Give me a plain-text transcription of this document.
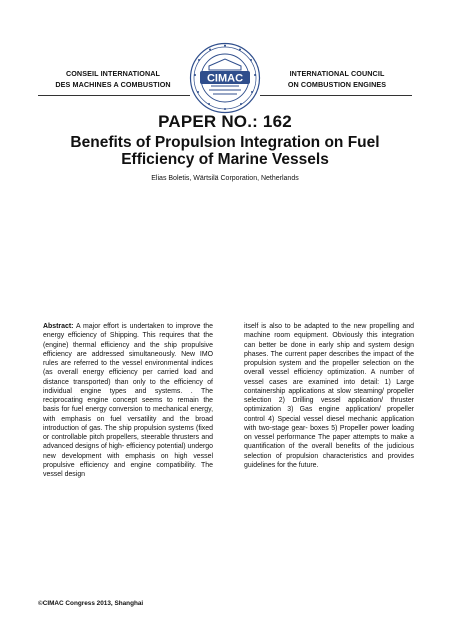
CONSEIL INTERNATIONAL
DES MACHINES A COMBUSTION	CIMAC	INTERNATIONAL COUNCIL
ON COMBUSTION ENGINES
PAPER NO.: 162
Benefits of Propulsion Integration on Fuel Efficiency of Marine Vessels
Elias Boletis, Wärtsilä Corporation, Netherlands
Abstract: A major effort is undertaken to improve the energy efficiency of Shipping. This requires that the (engine) thermal efficiency and the ship propulsive efficiency are addressed simultaneously. New IMO rules are referred to the vessel environmental indices (as overall energy efficiency per carried load and distance transported) than only to the efficiency of individual engine types and systems. . The reciprocating engine concept seems to remain the basis for fuel energy conversion to mechanical energy, with emphasis on fuel versatility and the broad introduction of gas. The ship propulsion systems (fixed or controllable pitch propellers, steerable thrusters and advanced designs of high- efficiency potential) undergo new development with emphasis on high vessel propulsive efficiency and engine compatibility. The vessel design
itself is also to be adapted to the new propelling and machine room equipment. Obviously this integration can better be done in early ship and system design phases. The current paper describes the impact of the propulsion system and the propeller selection on the overall vessel efficiency optimization. A number of vessel cases are examined into detail: 1) Large containership applications at slow steaming/ propeller selection 2) Drilling vessel application/ thruster optimization 3) Gas engine application/ propeller control 4) Special vessel diesel mechanic application with two-stage gear- boxes 5) Propeller power loading on vessel performance The paper attempts to make a quantification of the overall benefits of the judicious selection of propulsion characteristics and provides guidelines for the future.
©CIMAC Congress 2013, Shanghai
